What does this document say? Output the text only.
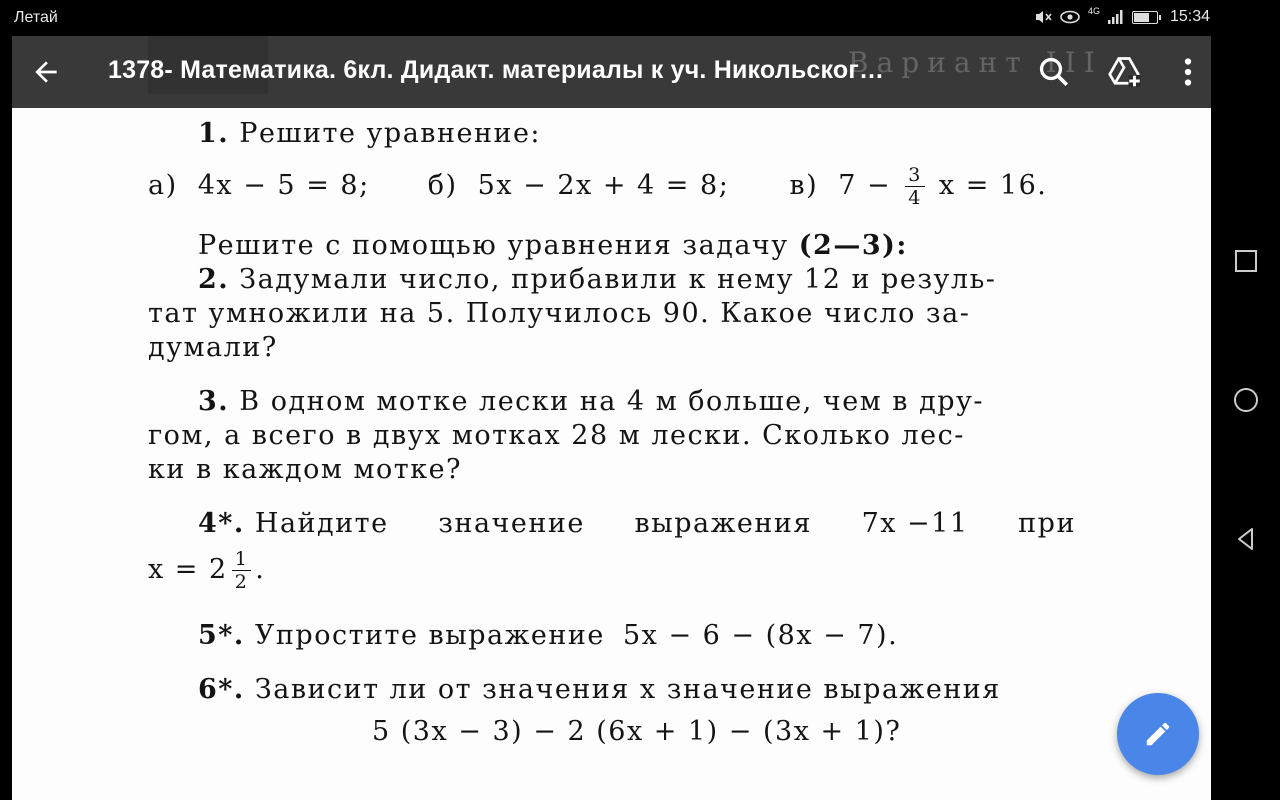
Летай	4G	15:34
1. Решите уравнение:
а) 4x − 5 = 8; б) 5x − 2x + 4 = 8; в) $7 - \frac{3}{4}$ x = 16.
Решите с помощью уравнения задачу (2—3):
2. Задумали число, прибавили к нему 12 и резуль-
тат умножили на 5. Получилось 90. Какое число за-
думали?
3. В одном мотке лески на 4 м больше, чем в дру-
гом, а всего в двух мотках 28 м лески. Сколько лес-
ки в каждом мотке?
4*. Найдите значение выражения 7x −11 при
$x = 2 \frac{1}{2}$ .
5*. Упростите выражение 5x − 6 − (8x − 7).
6*. Зависит ли от значения x значение выражения
5 (3x − 3) − 2 (6x + 1) − (3x + 1)?
Вариант III
1378- Математика. 6кл. Дидакт. материалы к уч. Никольског…
